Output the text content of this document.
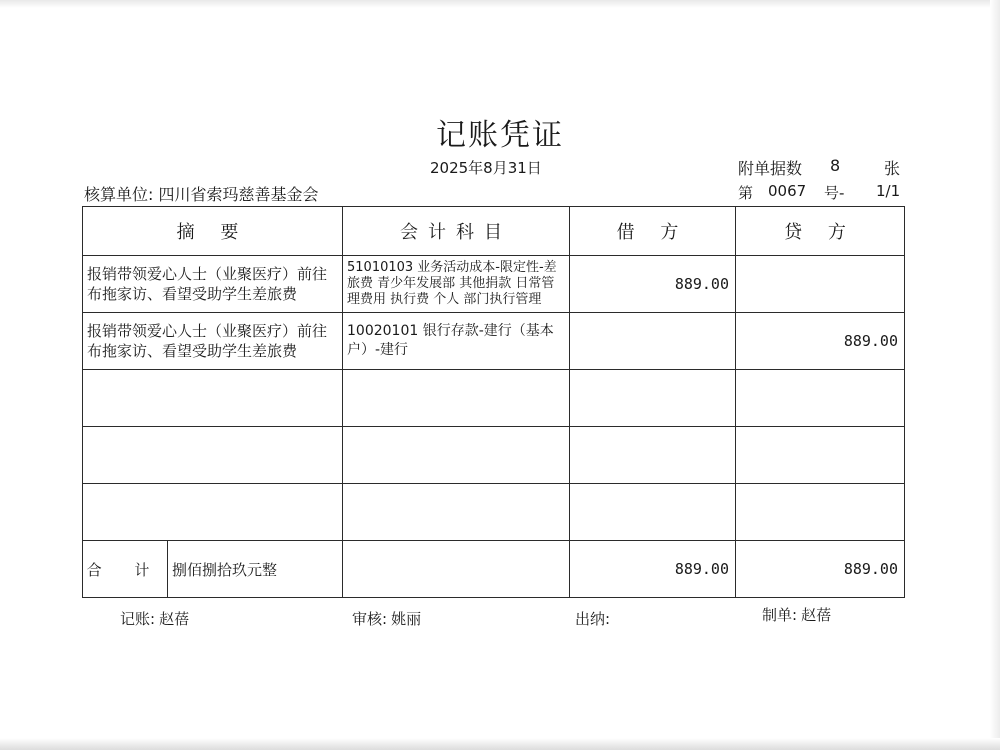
记账凭证
2025年8月31日	附单据数 8	张
核算单位: 四川省索玛慈善基金会	第 0067 号- 1/1
摘 要	会计科目	借 方	贷 方
报销带领爱心人士（业聚医疗）前往布拖家访、看望受助学生差旅费	51010103 业务活动成本-限定性-差旅费 青少年发展部 其他捐款 日常管理费用 执行费 个人 部门执行管理	889.00	
报销带领爱心人士（业聚医疗）前往布拖家访、看望受助学生差旅费	10020101 银行存款-建行（基本户）-建行		889.00

合 计 捌佰捌拾玖元整		889.00	889.00
记账: 赵蓓	审核: 姚丽	出纳:	制单: 赵蓓
